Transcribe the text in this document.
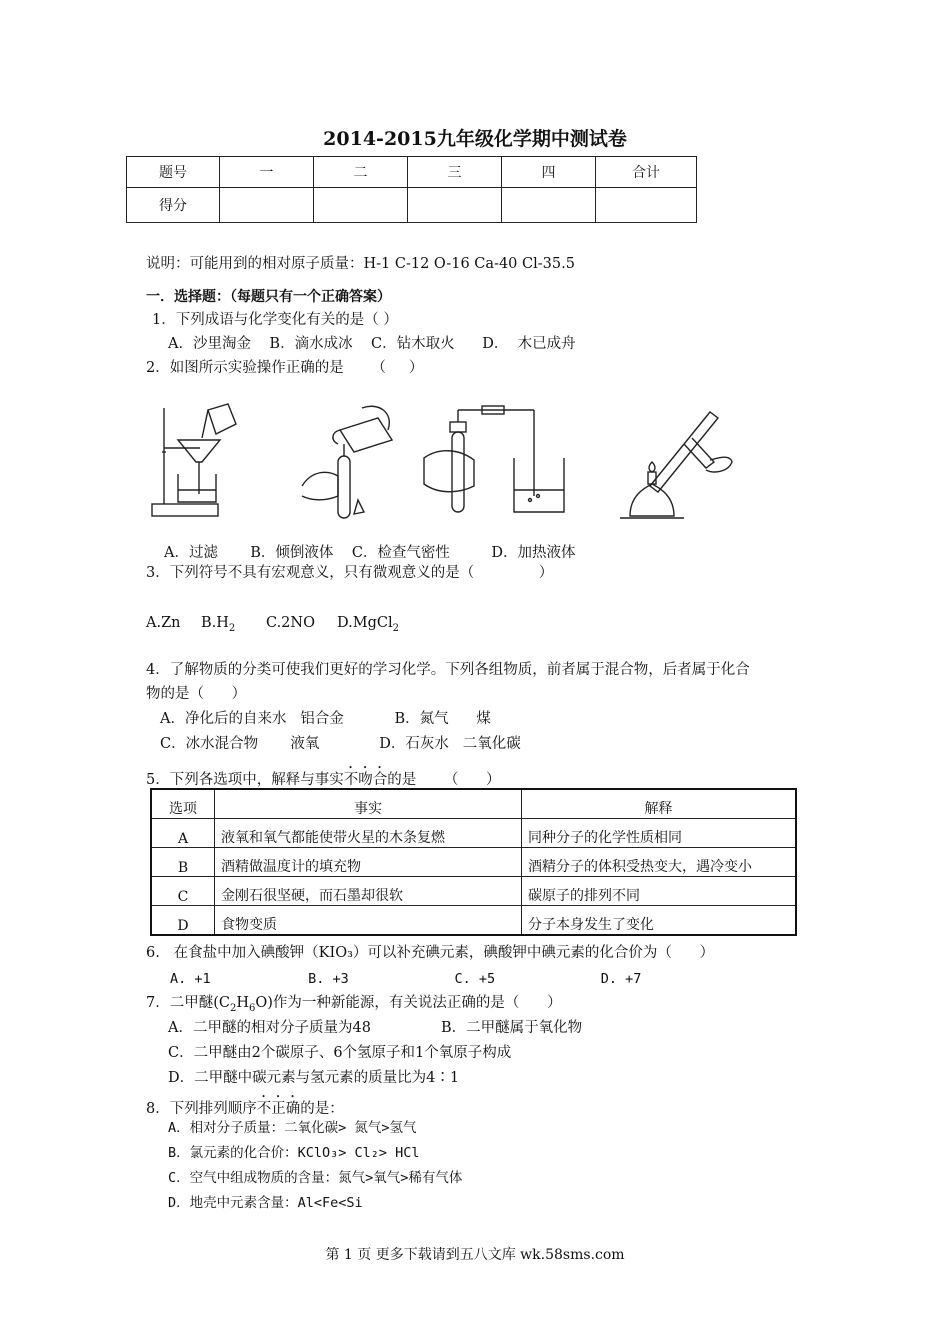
2014-2015九年级化学期中测试卷
题号	一	二	三	四	合计
得分					
说明：可能用到的相对原子质量：H-1 C-12 O-16 Ca-40 Cl-35.5
一．选择题：（每题只有一个正确答案）
1．下列成语与化学变化有关的是（ ）
A．沙里淘金    B．滴水成冰    C．钻木取火      D．  木已成舟
2．如图所示实验操作正确的是      （     ）
A．过滤       B．倾倒液体    C．检查气密性         D．加热液体
3．下列符号不具有宏观意义，只有微观意义的是（              ）
A.Zn $B.H_2$ C.2NO D.MgCl$_2$
4．了解物质的分类可使我们更好的学习化学。下列各组物质，前者属于混合物，后者属于化合
物的是（      ）
A．净化后的自来水   铝合金           B．氮气      煤
C．冰水混合物       液氧             D．石灰水   二氧化碳
5．下列各选项中，解释与事实不吻合的是      （      ）
选项	事实	解释
A	液氧和氧气都能使带火星的木条复燃	同种分子的化学性质相同
B	酒精做温度计的填充物	酒精分子的体积受热变大，遇冷变小
C	金刚石很坚硬，而石墨却很软	碳原子的排列不同
D	食物变质	分子本身发生了变化
6.   在食盐中加入碘酸钾（KIO₃）可以补充碘元素，碘酸钾中碘元素的化合价为（      ）
A. +1            B. +3             C. +5             D. +7
7．二甲醚$(C_2H_6O)$作为一种新能源，有关说法正确的是（      ）
A．二甲醚的相对分子质量为48	B．二甲醚属于氧化物
C．二甲醚由2个碳原子、6个氢原子和1个氧原子构成
D．二甲醚中碳元素与氢元素的质量比为4∶1
8．下列排列顺序不正确的是：
A．相对分子质量：二氧化碳> 氮气>氢气
B．氯元素的化合价：KClO₃> Cl₂> HCl
C．空气中组成物质的含量：氮气>氧气>稀有气体
D．地壳中元素含量：Al<Fe<Si
第 1 页 更多下载请到五八文库 wk.58sms.com
